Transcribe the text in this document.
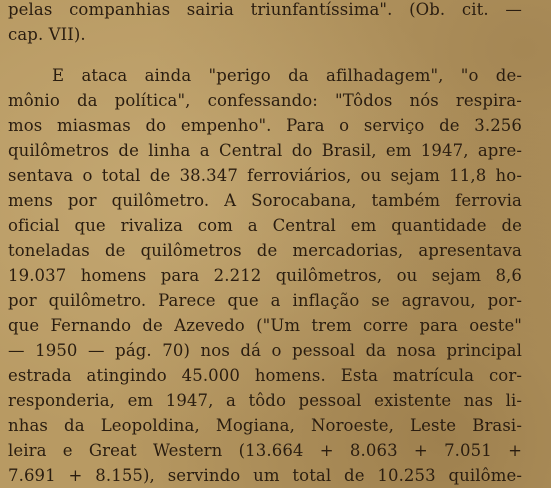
pelas companhias sairia triunfantíssima". (Ob. cit. —
cap. VII).
E ataca ainda "perigo da afilhadagem", "o de-
mônio da política", confessando: "Tôdos nós respira-
mos miasmas do empenho". Para o serviço de 3.256
quilômetros de linha a Central do Brasil, em 1947, apre-
sentava o total de 38.347 ferroviários, ou sejam 11,8 ho-
mens por quilômetro. A Sorocabana, também ferrovia
oficial que rivaliza com a Central em quantidade de
toneladas de quilômetros de mercadorias, apresentava
19.037 homens para 2.212 quilômetros, ou sejam 8,6
por quilômetro. Parece que a inflação se agravou, por-
que Fernando de Azevedo ("Um trem corre para oeste"
— 1950 — pág. 70) nos dá o pessoal da nosa principal
estrada atingindo 45.000 homens. Esta matrícula cor-
responderia, em 1947, a tôdo pessoal existente nas li-
nhas da Leopoldina, Mogiana, Noroeste, Leste Brasi-
leira e Great Western (13.664 + 8.063 + 7.051 +
7.691 + 8.155), servindo um total de 10.253 quilôme-
